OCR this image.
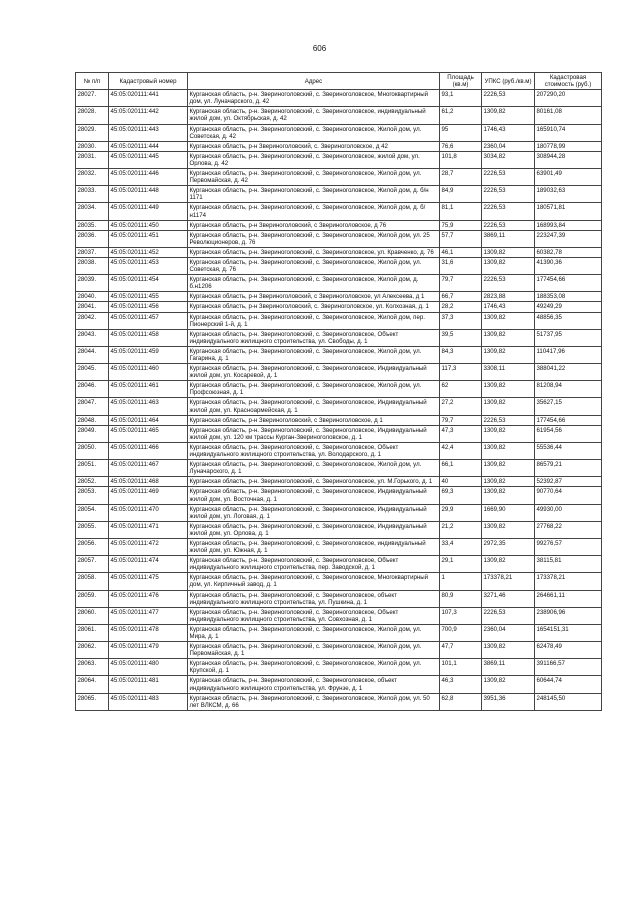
606
№ п/п	Кадастровый номер	Адрес	Площадь (кв.м)	УПКС (руб./кв.м)	Кадастровая стоимость (руб.)
28027.	45:05:020111:441	Курганская область, р-н. Звериноголовский, с. Звериноголовское, Многоквартирный дом, ул. Луначарского, д. 42	93,1	2226,53	207290,20
28028.	45:05:020111:442	Курганская область, р-н. Звериноголовский, с. Звериноголовское, индивидуальный жилой дом, ул. Октябрьская, д. 42	61,2	1309,82	80161,08
28029.	45:05:020111:443	Курганская область, р-н. Звериноголовский, с. Звериноголовское, Жилой дом, ул. Советская, д. 42	95	1746,43	165910,74
28030.	45:05:020111:444	Курганская область, р-н Звериноголовский, с. Звериноголовское, д 42	76,6	2360,04	180778,99
28031.	45:05:020111:445	Курганская область, р-н. Звериноголовский, с. Звериноголовское, жилой дом, ул. Орлова, д. 42	101,8	3034,82	308944,28
28032.	45:05:020111:446	Курганская область, р-н. Звериноголовский, с. Звериноголовское, Жилой дом, ул. Первомайская, д. 42	28,7	2226,53	63901,49
28033.	45:05:020111:448	Курганская область, р-н. Звериноголовский, с. Звериноголовское, Жилой дом, д. б/н 1171	84,9	2226,53	189032,63
28034.	45:05:020111:449	Курганская область, р-н. Звериноголовский, с. Звериноголовское, Жилой дом, д. б/н1174	81,1	2226,53	180571,81
28035.	45:05:020111:450	Курганская область, р-н Звериноголовский, с Звериноголовское, д 76	75,9	2226,53	168993,84
28036.	45:05:020111:451	Курганская область, р-н. Звериноголовский, с. Звериноголовское, Жилой дом, ул. 25 Революционеров, д. 76	57,7	3869,11	223247,39
28037.	45:05:020111:452	Курганская область, р-н. Звериноголовский, с. Звериноголовское, ул. Кравченко, д. 76	46,1	1309,82	60382,78
28038.	45:05:020111:453	Курганская область, р-н. Звериноголовский, с. Звериноголовское, Жилой дом, ул. Советская, д. 76	31,6	1309,82	41390,36
28039.	45:05:020111:454	Курганская область, р-н. Звериноголовский, с. Звериноголовское, Жилой дом, д. б.н1206	79,7	2226,53	177454,66
28040.	45:05:020111:455	Курганская область, р-н Звериноголовский, с Звериноголовское, ул Алексеева, д 1	66,7	2823,88	188353,08
28041.	45:05:020111:456	Курганская область, р-н Звериноголовский, с. Звериноголовское, ул. Колхозная, д. 1	28,2	1746,43	49249,29
28042.	45:05:020111:457	Курганская область, р-н. Звериноголовский, с. Звериноголовское, Жилой дом, пер. Пионерский 1-й, д. 1	37,3	1309,82	48856,35
28043.	45:05:020111:458	Курганская область, р-н. Звериноголовский, с. Звериноголовское, Объект индивидуального жилищного строительства, ул. Свободы, д. 1	39,5	1309,82	51737,95
28044.	45:05:020111:459	Курганская область, р-н. Звериноголовский, с. Звериноголовское, Жилой дом, ул. Гагарина, д. 1	84,3	1309,82	110417,96
28045.	45:05:020111:460	Курганская область, р-н. Звериноголовский, с. Звериноголовское, Индивидуальный жилой дом, ул. Косаревой, д. 1	117,3	3308,11	388041,22
28046.	45:05:020111:461	Курганская область, р-н. Звериноголовский, с. Звериноголовское, Жилой дом, ул. Профсоюзная, д. 1	62	1309,82	81208,94
28047.	45:05:020111:463	Курганская область, р-н. Звериноголовский, с. Звериноголовское, Индивидуальный жилой дом, ул. Красноармейская, д. 1	27,2	1309,82	35627,15
28048.	45:05:020111:464	Курганская область, р-н Звериноголовский, с Звериноголовское, д 1	79,7	2226,53	177454,66
28049.	45:05:020111:465	Курганская область, р-н. Звериноголовский, с. Звериноголовское, Индивидуальный жилой дом, ул. 120 км трассы Курган-Звериноголовское, д. 1	47,3	1309,82	61954,56
28050.	45:05:020111:466	Курганская область, р-н. Звериноголовский, с. Звериноголовское, Объект индивидуального жилищного строительства, ул. Володарского, д. 1	42,4	1309,82	55536,44
28051.	45:05:020111:467	Курганская область, р-н. Звериноголовский, с. Звериноголовское, Жилой дом, ул. Луначарского, д. 1	66,1	1309,82	86579,21
28052.	45:05:020111:468	Курганская область, р-н. Звериноголовский, с. Звериноголовское, ул. М.Горького, д. 1	40	1309,82	52392,87
28053.	45:05:020111:469	Курганская область, р-н. Звериноголовский, с. Звериноголовское, Индивидуальный жилой дом, ул. Восточная, д. 1	69,3	1309,82	90770,64
28054.	45:05:020111:470	Курганская область, р-н. Звериноголовский, с. Звериноголовское, Индивидуальный жилой дом, ул. Логовая, д. 1	29,9	1669,90	49930,00
28055.	45:05:020111:471	Курганская область, р-н. Звериноголовский, с. Звериноголовское, Индивидуальный жилой дом, ул. Орлова, д. 1	21,2	1309,82	27768,22
28056.	45:05:020111:472	Курганская область, р-н. Звериноголовский, с. Звериноголовское, индивидуальный жилой дом, ул. Южная, д. 1	33,4	2972,35	99276,57
28057.	45:05:020111:474	Курганская область, р-н. Звериноголовский, с. Звериноголовское, Объект индивидуального жилищного строительства, пер. Заводской, д. 1	29,1	1309,82	38115,81
28058.	45:05:020111:475	Курганская область, р-н. Звериноголовский, с. Звериноголовское, Многоквартирный дом, ул. Кирпичный завод, д. 1	1	173378,21	173378,21
28059.	45:05:020111:476	Курганская область, р-н. Звериноголовский, с. Звериноголовское, объект индивидуального жилищного строительства, ул. Пушкина, д. 1	80,9	3271,46	264661,11
28060.	45:05:020111:477	Курганская область, р-н. Звериноголовский, с. Звериноголовское, Объект индивидуального жилищного строительства, ул. Совхозная, д. 1	107,3	2226,53	238906,96
28061.	45:05:020111:478	Курганская область, р-н. Звериноголовский, с. Звериноголовское, Жилой дом, ул. Мира, д. 1	700,9	2360,04	1654151,31
28062.	45:05:020111:479	Курганская область, р-н. Звериноголовский, с. Звериноголовское, Жилой дом, ул. Первомайская, д. 1	47,7	1309,82	62478,49
28063.	45:05:020111:480	Курганская область, р-н. Звериноголовский, с. Звериноголовское, Жилой дом, ул. Крупской, д. 1	101,1	3869,11	391166,57
28064.	45:05:020111:481	Курганская область, р-н. Звериноголовский, с. Звериноголовское, объект индивидуального жилищного строительства, ул. Фрунзе, д. 1	46,3	1309,82	60644,74
28065.	45:05:020111:483	Курганская область, р-н. Звериноголовский, с. Звериноголовское, Жилой дом, ул. 50 лет ВЛКСМ, д. 66	62,8	3951,36	248145,50
